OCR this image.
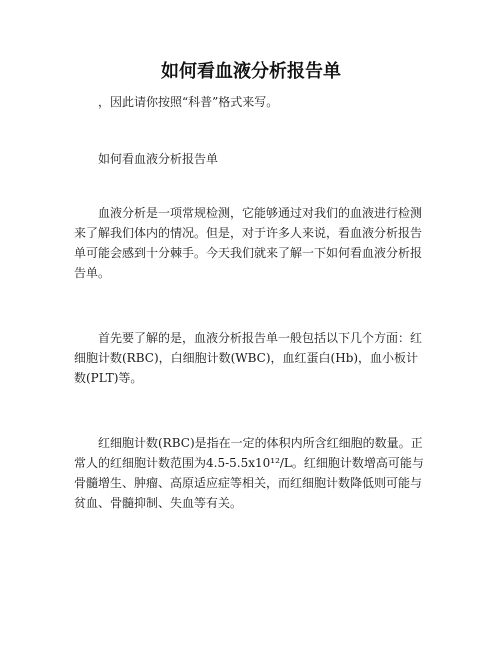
如何看血液分析报告单

，因此请你按照“科普”格式来写。

如何看血液分析报告单

血液分析是一项常规检测，它能够通过对我们的血液进行检测来了解我们体内的情况。但是，对于许多人来说，看血液分析报告单可能会感到十分棘手。今天我们就来了解一下如何看血液分析报告单。

首先要了解的是，血液分析报告单一般包括以下几个方面：红细胞计数(RBC)，白细胞计数(WBC)，血红蛋白(Hb)，血小板计数(PLT)等。

红细胞计数(RBC)是指在一定的体积内所含红细胞的数量。正常人的红细胞计数范围为4.5-5.5x10¹²/L。红细胞计数增高可能与骨髓增生、肿瘤、高原适应症等相关，而红细胞计数降低则可能与贫血、骨髓抑制、失血等有关。
